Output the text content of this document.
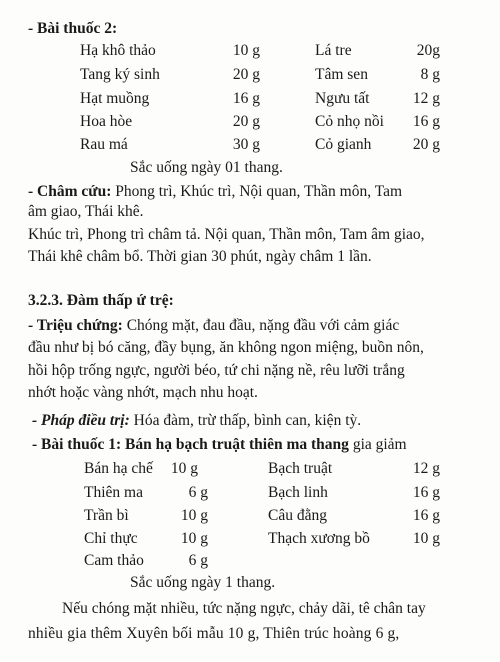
- Bài thuốc 2:
Hạ khô thảo	10 g	Lá tre	20g
Tang ký sinh	20 g	Tâm sen	8 g
Hạt muồng	16 g	Ngưu tất	12 g
Hoa hòe	20 g	Cỏ nhọ nồi	16 g
Rau má	30 g	Cỏ gianh	20 g
Sắc uống ngày 01 thang.
- Châm cứu: Phong trì, Khúc trì, Nội quan, Thần môn, Tam
âm giao, Thái khê.
Khúc trì, Phong trì châm tả. Nội quan, Thần môn, Tam âm giao,
Thái khê châm bổ. Thời gian 30 phút, ngày châm 1 lần.
3.2.3. Đàm thấp ứ trệ:
- Triệu chứng: Chóng mặt, đau đầu, nặng đầu với cảm giác
đầu như bị bó căng, đầy bụng, ăn không ngon miệng, buồn nôn,
hồi hộp trống ngực, người béo, tứ chi nặng nề, rêu lưỡi trắng
nhớt hoặc vàng nhớt, mạch nhu hoạt.
- Pháp điều trị: Hóa đàm, trừ thấp, bình can, kiện tỳ.
- Bài thuốc 1: Bán hạ bạch truật thiên ma thang gia giảm
Bán hạ chế	10 g	Bạch truật	12 g
Thiên ma	6 g	Bạch linh	16 g
Trần bì	10 g	Câu đằng	16 g
Chỉ thực	10 g	Thạch xương bồ	10 g
Cam thảo	6 g
Sắc uống ngày 1 thang.
Nếu chóng mặt nhiều, tức nặng ngực, chảy dãi, tê chân tay
nhiều gia thêm Xuyên bối mẫu 10 g, Thiên trúc hoàng 6 g,
